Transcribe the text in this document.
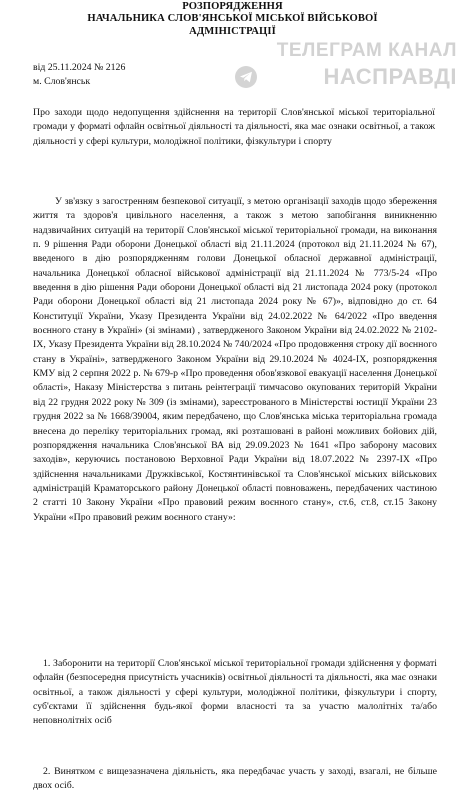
РОЗПОРЯДЖЕННЯ
НАЧАЛЬНИКА СЛОВ'ЯНСЬКОЇ МІСЬКОЇ ВІЙСЬКОВОЇ
АДМІНІСТРАЦІЇ
ТЕЛЕГРАМ КАНАЛ
НАСПРАВДІ
від 25.11.2024 № 2126
м. Слов'янськ

Про заходи щодо недопущення здійснення на території Слов'янської міської територіальної громади у форматі офлайн освітньої діяльності та діяльності, яка має ознаки освітньої, а також діяльності у сфері культури, молодіжної політики, фізкультури і спорту

У зв'язку з загостренням безпекової ситуації, з метою організації заходів щодо збереження життя та здоров'я цивільного населення, а також з метою запобігання виникненню надзвичайних ситуацій на території Слов'янської міської територіальної громади, на виконання п. 9 рішення Ради оборони Донецької області від 21.11.2024 (протокол від 21.11.2024 № 67), введеного в дію розпорядженням голови Донецької обласної державної адміністрації, начальника Донецької обласної військової адміністрації від 21.11.2024 № 773/5-24 «Про введення в дію рішення Ради оборони Донецької області від 21 листопада 2024 року (протокол Ради оборони Донецької області від 21 листопада 2024 року № 67)», відповідно до ст. 64 Конституції України, Указу Президента України від 24.02.2022 № 64/2022 «Про введення воєнного стану в Україні» (зі змінами) , затвердженого Законом України від 24.02.2022 № 2102-IX, Указу Президента України від 28.10.2024 № 740/2024 «Про продовження строку дії воєнного стану в Україні», затвердженого Законом України від 29.10.2024 № 4024-IX, розпорядження КМУ від 2 серпня 2022 р. № 679-р «Про проведення обов'язкової евакуації населення Донецької області», Наказу Міністерства з питань реінтеграції тимчасово окупованих територій України від 22 грудня 2022 року № 309 (із змінами), зареєстрованого в Міністерстві юстиції України 23 грудня 2022 за № 1668/39004, яким передбачено, що Слов'янська міська територіальна громада внесена до переліку територіальних громад, які розташовані в районі можливих бойових дій, розпорядження начальника Слов'янської ВА від 29.09.2023 № 1641 «Про заборону масових заходів», керуючись постановою Верховної Ради України від 18.07.2022 № 2397-IX «Про здійснення начальниками Дружківської, Костянтинівської та Слов'янської міських військових адміністрацій Краматорського району Донецької області повноважень, передбачених частиною 2 статті 10 Закону України «Про правовий режим воєнного стану», ст.6, ст.8, ст.15 Закону України «Про правовий режим воєнного стану»:

1. Заборонити на території Слов'янської міської територіальної громади здійснення у форматі офлайн (безпосередня присутність учасників) освітньої діяльності та діяльності, яка має ознаки освітньої, а також діяльності у сфері культури, молодіжної політики, фізкультури і спорту, суб'єктами її здійснення будь-якої форми власності та за участю малолітніх та/або неповнолітніх осіб

2. Винятком є вищезазначена діяльність, яка передбачає участь у заході, взагалі, не більше двох осіб.
